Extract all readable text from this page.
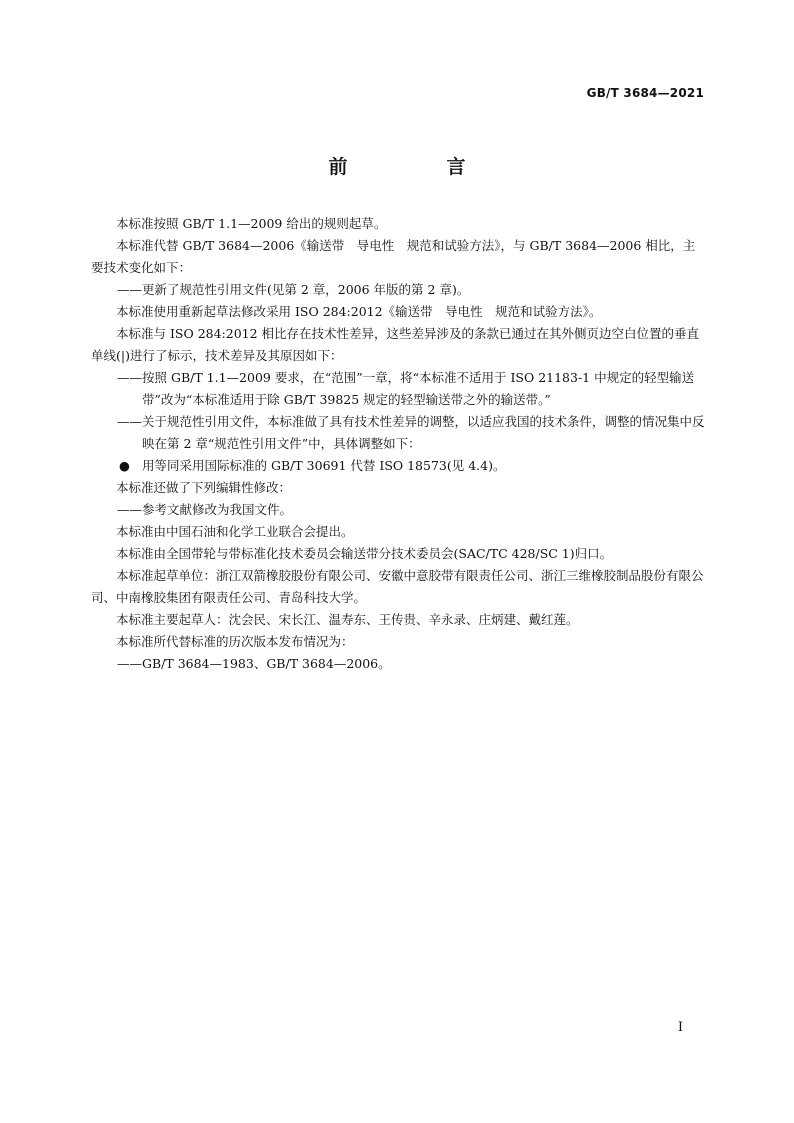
GB/T 3684—2021
前　言

本标准按照 GB/T 1.1—2009 给出的规则起草。

本标准代替 GB/T 3684—2006《输送带　导电性　规范和试验方法》，与 GB/T 3684—2006 相比，主要技术变化如下：

——更新了规范性引用文件(见第 2 章，2006 年版的第 2 章)。

本标准使用重新起草法修改采用 ISO 284:2012《输送带　导电性　规范和试验方法》。

本标准与 ISO 284:2012 相比存在技术性差异，这些差异涉及的条款已通过在其外侧页边空白位置的垂直单线(|)进行了标示，技术差异及其原因如下：

——按照 GB/T 1.1—2009 要求，在“范围”一章，将“本标准不适用于 ISO 21183-1 中规定的轻型输送带”改为“本标准适用于除 GB/T 39825 规定的轻型输送带之外的输送带。”

——关于规范性引用文件，本标准做了具有技术性差异的调整，以适应我国的技术条件，调整的情况集中反映在第 2 章“规范性引用文件”中，具体调整如下：

● 用等同采用国际标准的 GB/T 30691 代替 ISO 18573(见 4.4)。

本标准还做了下列编辑性修改：

——参考文献修改为我国文件。

本标准由中国石油和化学工业联合会提出。

本标准由全国带轮与带标准化技术委员会输送带分技术委员会(SAC/TC 428/SC 1)归口。

本标准起草单位：浙江双箭橡胶股份有限公司、安徽中意胶带有限责任公司、浙江三维橡胶制品股份有限公司、中南橡胶集团有限责任公司、青岛科技大学。

本标准主要起草人：沈会民、宋长江、温寿东、王传贵、辛永录、庄炳建、戴红莲。

本标准所代替标准的历次版本发布情况为：

——GB/T 3684—1983、GB/T 3684—2006。

I
